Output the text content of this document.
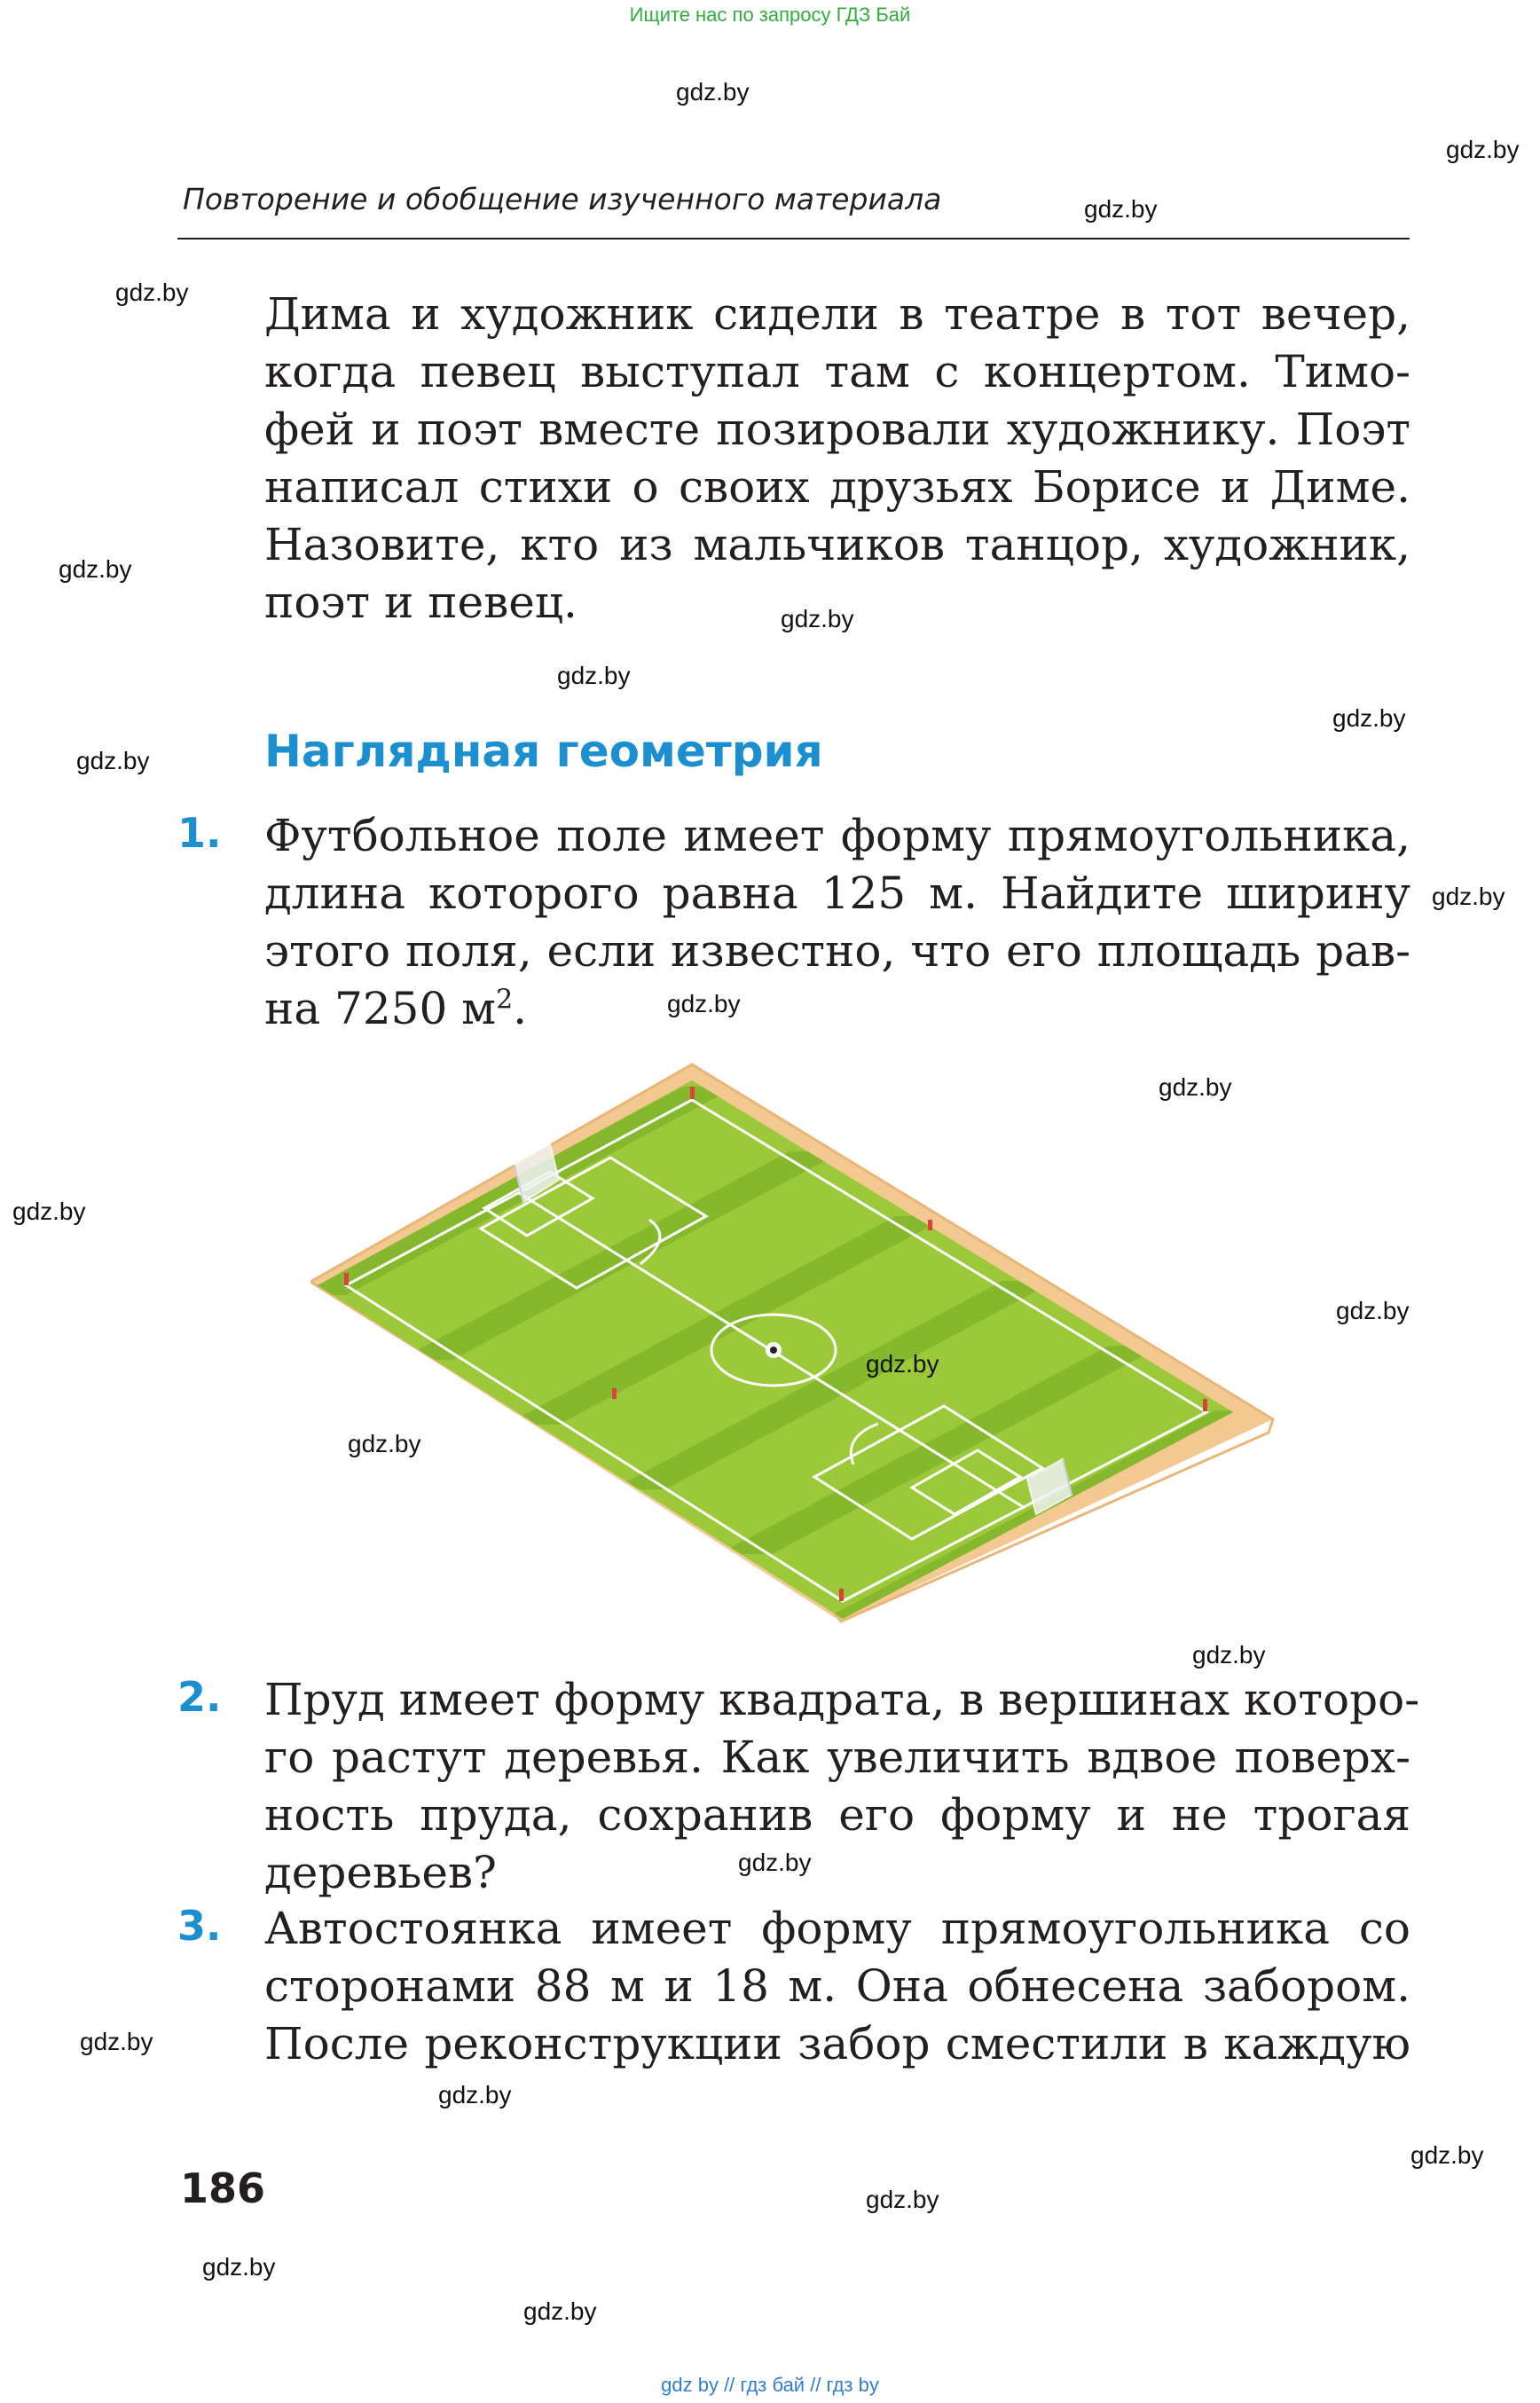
Ищите нас по запросу ГДЗ Бай
Повторение и обобщение изученного материала

Дима и художник сидели в театре в тот вечер,
когда певец выступал там с концертом. Тимо-
фей и поэт вместе позировали художнику. Поэт
написал стихи о своих друзьях Борисе и Диме.
Назовите, кто из мальчиков танцор, художник,
поэт и певец.

Наглядная геометрия
1. Футбольное поле имеет форму прямоугольника,
длина которого равна 125 м. Найдите ширину
этого поля, если известно, что его площадь рав-
на 7250 $м^2$.

2. Пруд имеет форму квадрата, в вершинах которо-
го растут деревья. Как увеличить вдвое поверх-
ность пруда, сохранив его форму и не трогая
деревьев?

3. Автостоянка имеет форму прямоугольника со
сторонами 88 м и 18 м. Она обнесена забором.
После реконструкции забор сместили в каждую

186
gdz.by
gdz.by
gdz.by
gdz.by
gdz.by
gdz.by
gdz.by
gdz.by
gdz.by
gdz.by
gdz.by
gdz.by
gdz.by
gdz.by
gdz.by
gdz.by
gdz.by
gdz.by
gdz.by
gdz.by
gdz.by
gdz.by
gdz.by
gdz.by
gdz by // гдз бай // гдз by
